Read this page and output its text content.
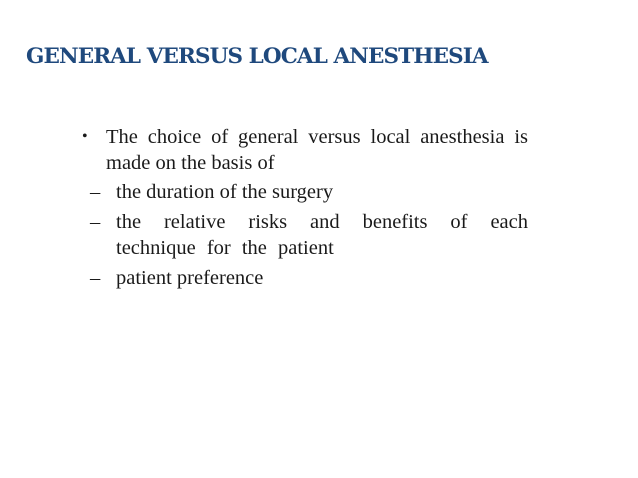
GENERAL VERSUS LOCAL ANESTHESIA
• The choice of general versus local anesthesia is made on the basis of
– the duration of the surgery
– the relative risks and benefits of each technique for the patient
– patient preference
